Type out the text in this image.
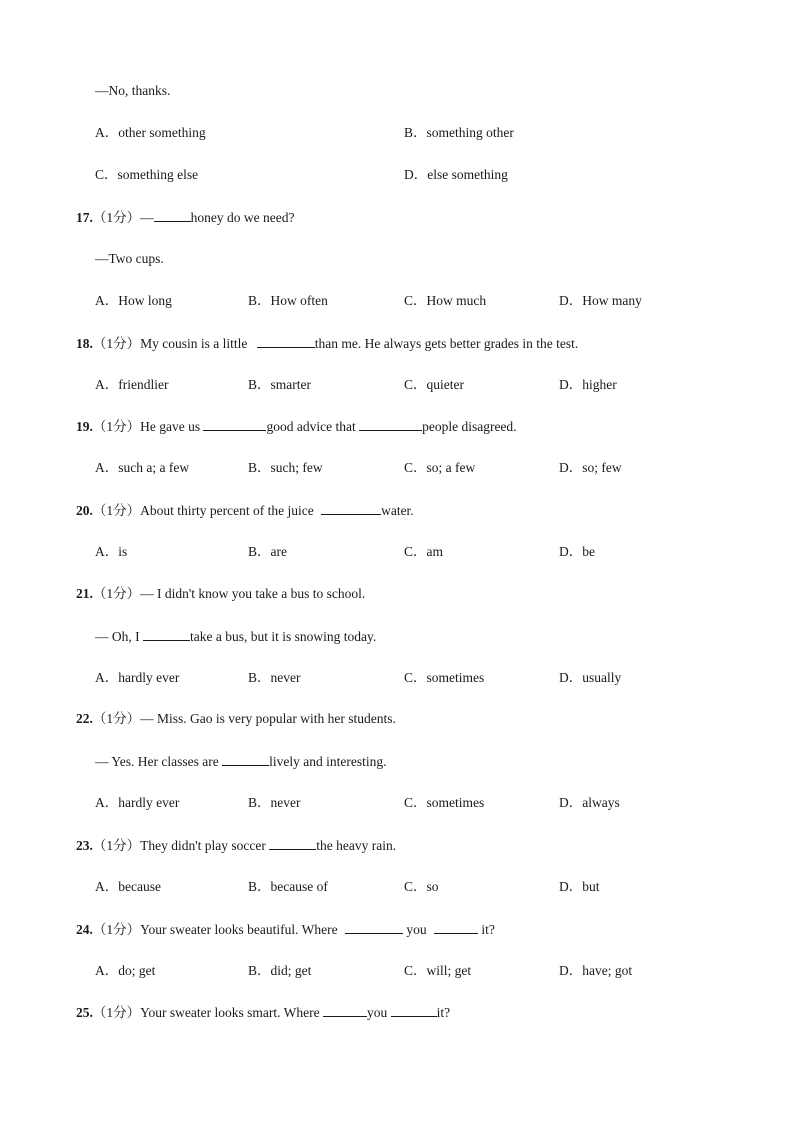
—No, thanks.
A．other something	B．something other
C．something else	D．else something
17.（1分）—	honey do we need?
—Two cups.
A．How long	B．How often	C．How much	D．How many
18.（1分）My cousin is a little	than me. He always gets better grades in the test.
A．friendlier	B．smarter	C．quieter	D．higher
19.（1分）He gave us	good advice that	people disagreed.
A．such a; a few	B．such; few	C．so; a few	D．so; few
20.（1分）About thirty percent of the juice	water.
A．is	B．are	C．am	D．be
21.（1分）— I didn't know you take a bus to school.
— Oh, I	take a bus, but it is snowing today.
A．hardly ever	B．never	C．sometimes	D．usually
22.（1分）— Miss. Gao is very popular with her students.
— Yes. Her classes are	lively and interesting.
A．hardly ever	B．never	C．sometimes	D．always
23.（1分）They didn't play soccer	the heavy rain.
A．because	B．because of	C．so	D．but
24.（1分）Your sweater looks beautiful. Where	you	it?
A．do; get	B．did; get	C．will; get	D．have; got
25.（1分）Your sweater looks smart. Where	you	it?
